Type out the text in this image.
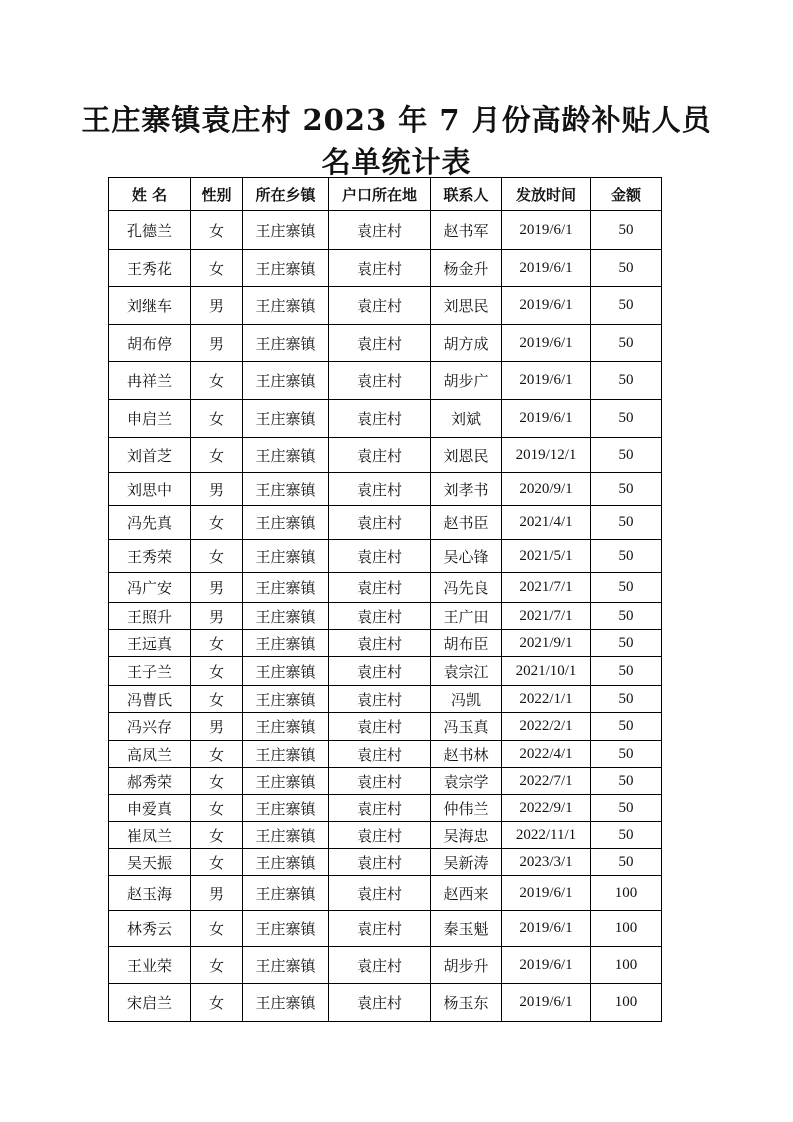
王庄寨镇袁庄村 2023 年 7 月份高龄补贴人员
名单统计表
姓 名	性别	所在乡镇	户口所在地	联系人	发放时间	金额
孔德兰	女	王庄寨镇	袁庄村	赵书军	2019/6/1	50
王秀花	女	王庄寨镇	袁庄村	杨金升	2019/6/1	50
刘继车	男	王庄寨镇	袁庄村	刘思民	2019/6/1	50
胡布停	男	王庄寨镇	袁庄村	胡方成	2019/6/1	50
冉祥兰	女	王庄寨镇	袁庄村	胡步广	2019/6/1	50
申启兰	女	王庄寨镇	袁庄村	刘斌	2019/6/1	50
刘首芝	女	王庄寨镇	袁庄村	刘恩民	2019/12/1	50
刘思中	男	王庄寨镇	袁庄村	刘孝书	2020/9/1	50
冯先真	女	王庄寨镇	袁庄村	赵书臣	2021/4/1	50
王秀荣	女	王庄寨镇	袁庄村	吴心锋	2021/5/1	50
冯广安	男	王庄寨镇	袁庄村	冯先良	2021/7/1	50
王照升	男	王庄寨镇	袁庄村	王广田	2021/7/1	50
王远真	女	王庄寨镇	袁庄村	胡布臣	2021/9/1	50
王子兰	女	王庄寨镇	袁庄村	袁宗江	2021/10/1	50
冯曹氏	女	王庄寨镇	袁庄村	冯凯	2022/1/1	50
冯兴存	男	王庄寨镇	袁庄村	冯玉真	2022/2/1	50
高凤兰	女	王庄寨镇	袁庄村	赵书林	2022/4/1	50
郝秀荣	女	王庄寨镇	袁庄村	袁宗学	2022/7/1	50
申爱真	女	王庄寨镇	袁庄村	仲伟兰	2022/9/1	50
崔凤兰	女	王庄寨镇	袁庄村	吴海忠	2022/11/1	50
吴天振	女	王庄寨镇	袁庄村	吴新涛	2023/3/1	50
赵玉海	男	王庄寨镇	袁庄村	赵西来	2019/6/1	100
林秀云	女	王庄寨镇	袁庄村	秦玉魁	2019/6/1	100
王业荣	女	王庄寨镇	袁庄村	胡步升	2019/6/1	100
宋启兰	女	王庄寨镇	袁庄村	杨玉东	2019/6/1	100
